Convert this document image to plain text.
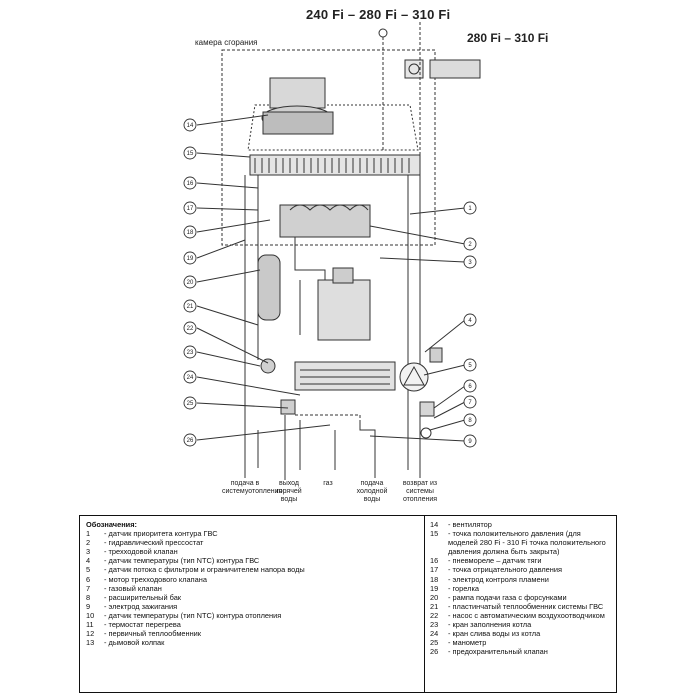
240 Fi – 280 Fi – 310 Fi
280 Fi – 310 Fi
камера сгорания
14
15
16
17
18
19
20
21
22
23
24
25
26
1
2
3
4
5
6
7
8
9
подача в системуотопления
выход горячей воды
газ	подача холодной воды
возврат из системы отопления
Обозначения:
1	- датчик приоритета контура ГВС
2	- гидравлический прессостат
3	- трехходовой клапан
4	- датчик температуры (тип NTC) контура ГВС
5	- датчик потока с фильтром и ограничителем напора воды
6	- мотор трехходового клапана
7	- газовый клапан
8	- расширительный бак
9	- электрод зажигания
10	- датчик температуры (тип NTC) контура отопления
11	- термостат перегрева
12	- первичный теплообменник
13	- дымовой колпак
14	- вентилятор
15	- точка положительного давления (для моделей 280 Fi - 310 Fi точка положительного давления должна быть закрыта)
16	- пневмореле – датчик тяги
17	- точка отрицательного давления
18	- электрод контроля пламени
19	- горелка
20	- рампа подачи газа с форсунками
21	- пластинчатый теплообменник системы ГВС
22	- насос с автоматическим воздухоотводчиком
23	- кран заполнения котла
24	- кран слива воды из котла
25	- манометр
26	- предохранительный клапан
